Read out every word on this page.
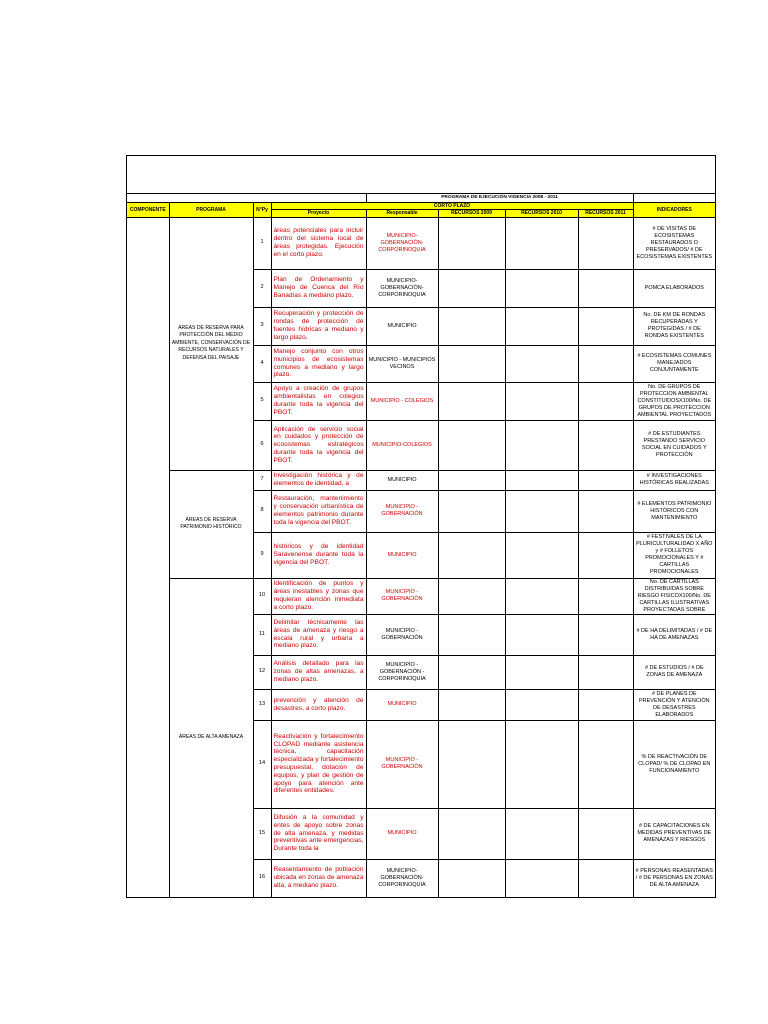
				PROGRAMA DE EJECUCIÓN VIGENCIA 2008 - 2011				
COMPONENTE	PROGRAMA	N°Py	CORTO PLAZO					INDICADORES
			Proyecto	Responsable	RECURSOS 2009	RECURSOS 2010	RECURSOS 2011	
	ÁREAS DE RESERVA PARA PROTECCIÓN DEL MEDIO AMBIENTE, CONSERVACIÓN DE RECURSOS NATURALES Y DEFENSA DEL PAISAJE	1	áreas potenciales para incluir dentro del sistema local de áreas protegidas. Ejecución en el corto plazo.	MUNICIPIO-GOBERNACIÓN-CORPORINOQUIA				# DE VISITAS DE ECOSISTEMAS RESTAURADOS O PRESERVADOS/ # DE ECOSISTEMAS EXISTENTES
		2	Plan de Ordenamiento y Manejo de Cuenca del Río Banadías a mediano plazo.	MUNICIPIO-GOBERNACIÓN-CORPORINOQUIA				POMCA ELABORADOS
		3	Recuperación y protección de rondas de protección de fuentes hídricas a mediano y largo plazo.	MUNICIPIO				No. DE KM DE RONDAS RECUPERADAS Y PROTEGIDAS / # DE RONDAS EXISTENTES
		4	Manejo conjunto con otros municipios de ecosistemas comunes a mediano y largo plazo.	MUNICIPIO - MUNICIPIOS VECINOS				# ECOSISTEMAS COMUNES MANEJADOS CONJUNTAMENTE
		5	Apoyo a creación de grupos ambientalistas en colegios durante toda la vigencia del PBOT.	MUNICIPIO - COLEGIOS				No. DE GRUPOS DE PROTECCION AMBIENTAL CONSTITUIDOSX100/No. DE GRUPOS DE PROTECCION AMBIENTAL PROYECTADOS
		6	Aplicación de servicio social en cuidados y protección de ecosistemas estratégicos durante toda la vigencia del PBOT.	MUNICIPIO-COLEGIOS				# DE ESTUDIANTES PRESTANDO SERVICIO SOCIAL EN CUIDADOS Y PROTECCIÓN
	ÁREAS DE RESERVA PATRIMONIO HISTÓRICO	7	Investigación histórica y de elementos de identidad, a	MUNICIPIO				# INVESTIGACIONES HISTÓRICAS REALIZADAS
		8	Restauración, mantenimiento y conservación urbanística de elementos patrimonio durante toda la vigencia del PBOT.	MUNICIPIO - GOBERNACIÓN				# ELEMENTOS PATRIMONIO HISTÓRICOS CON MANTENIMIENTO
		9	históricos y de identidad Saravenense durante toda la vigencia del PBOT.	MUNICIPIO				# FESTIVALES DE LA PLURICULTURALIDAD X AÑO y # FOLLETOS PROMOCIONALES Y # CARTILLAS PROMOCIONALES
	ÁREAS DE ALTA AMENAZA	10	Identificación de puntos y áreas inestables y zonas que requieran atención inmediata a corto plazo.	MUNICIPIO - GOBERNACIÓN				No. DE CARTILLAS DISTRIBUIDAS SOBRE RIESGO FISICOX100/No. DE CARTILLAS ILUSTRATIVAS PROYECTADAS SOBRE
		11	Delimitar técnicamente las áreas de amenaza y riesgo a escala rural y urbana a mediano plazo.	MUNICIPIO - GOBERNACIÓN				# DE HA DELIMITADAS / # DE HA DE AMENAZAS
		12	Análisis detallado para las zonas de altas amenazas, a mediano plazo.	MUNICIPIO - GOBERNACIÓN - CORPORINOQUIA				# DE ESTUDIOS / # DE ZONAS DE AMENAZA
		13	prevención y atención de desastres, a corto plazo.	MUNICIPIO				# DE PLANES DE PREVENCIÓN Y ATENCIÓN DE DESASTRES ELABORADOS
		14	Reactivación y fortalecimiento CLOPAD mediante asistencia técnica, capacitación especializada y fortalecimiento presupuestal, dotación de equipos, y plan de gestión de apoyo para atención ante diferentes entidades.	MUNICIPIO - GOBERNACIÓN				% DE REACTIVACIÓN DE CLOPAD/ % DE CLOPAD EN FUNCIONAMIENTO
		15	Difusión a la comunidad y entes de apoyo sobre zonas de alta amenaza, y medidas preventivas ante emergencias, Durante toda la	MUNICIPIO				# DE CAPACITACIONES EN MEDIDAS PREVENTIVAS DE AMENAZAS Y RIESGOS
		16	Reasentamiento de población ubicada en zonas de amenaza alta, a mediano plazo.	MUNICIPIO-GOBERNACIÓN-CORPORINOQUIA				# PERSONAS REASENTADAS / # DE PERSONAS EN ZONAS DE ALTA AMENAZA
